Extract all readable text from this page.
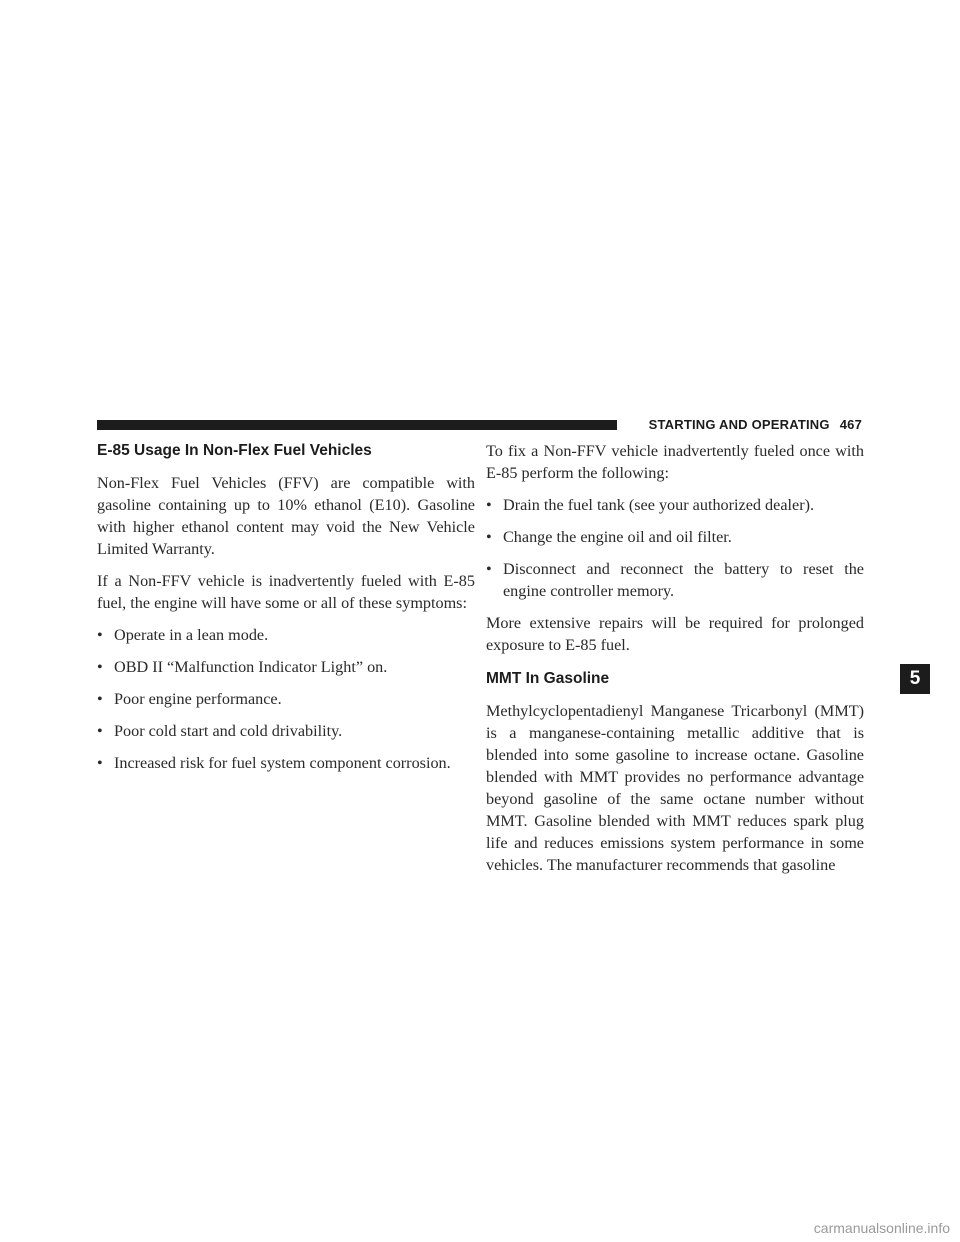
STARTING AND OPERATING 467
E-85 Usage In Non-Flex Fuel Vehicles

Non-Flex Fuel Vehicles (FFV) are compatible with gasoline containing up to 10% ethanol (E10). Gasoline with higher ethanol content may void the New Vehicle Limited Warranty.

If a Non-FFV vehicle is inadvertently fueled with E-85 fuel, the engine will have some or all of these symptoms:

• Operate in a lean mode.
• OBD II “Malfunction Indicator Light” on.
• Poor engine performance.
• Poor cold start and cold drivability.
• Increased risk for fuel system component corrosion.

To fix a Non-FFV vehicle inadvertently fueled once with E-85 perform the following:

• Drain the fuel tank (see your authorized dealer).
• Change the engine oil and oil filter.
• Disconnect and reconnect the battery to reset the engine controller memory.

More extensive repairs will be required for prolonged exposure to E-85 fuel.

MMT In Gasoline

Methylcyclopentadienyl Manganese Tricarbonyl (MMT) is a manganese-containing metallic additive that is blended into some gasoline to increase octane. Gasoline blended with MMT provides no performance advantage beyond gasoline of the same octane number without MMT. Gasoline blended with MMT reduces spark plug life and reduces emissions system performance in some vehicles. The manufacturer recommends that gasoline

5
carmanualsonline.info
